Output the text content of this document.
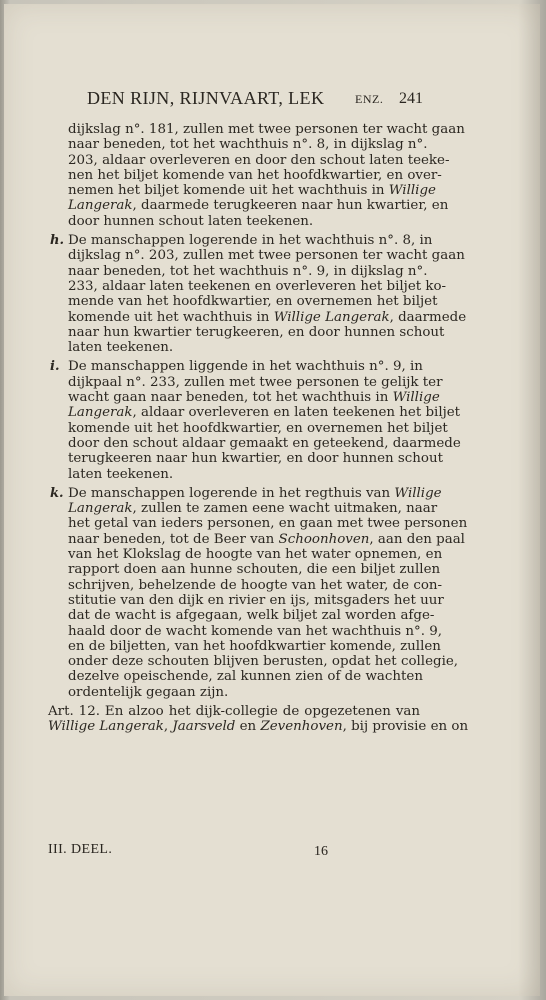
DEN RIJN, RIJNVAART, LEK	ENZ. 241
dijkslag n°. 181, zullen met twee personen ter wacht gaan
naar beneden, tot het wachthuis n°. 8, in dijkslag n°.
203, aldaar overleveren en door den schout laten teeke-
nen het biljet komende van het hoofdkwartier, en over-
nemen het biljet komende uit het wachthuis in Willige
Langerak, daarmede terugkeeren naar hun kwartier, en
door hunnen schout laten teekenen.
h. De manschappen logerende in het wachthuis n°. 8, in
dijkslag n°. 203, zullen met twee personen ter wacht gaan
naar beneden, tot het wachthuis n°. 9, in dijkslag n°.
233, aldaar laten teekenen en overleveren het biljet ko-
mende van het hoofdkwartier, en overnemen het biljet
komende uit het wachthuis in Willige Langerak, daarmede
naar hun kwartier terugkeeren, en door hunnen schout
laten teekenen.
i. De manschappen liggende in het wachthuis n°. 9, in
dijkpaal n°. 233, zullen met twee personen te gelijk ter
wacht gaan naar beneden, tot het wachthuis in Willige
Langerak, aldaar overleveren en laten teekenen het biljet
komende uit het hoofdkwartier, en overnemen het biljet
door den schout aldaar gemaakt en geteekend, daarmede
terugkeeren naar hun kwartier, en door hunnen schout
laten teekenen.
k. De manschappen logerende in het regthuis van Willige
Langerak, zullen te zamen eene wacht uitmaken, naar
het getal van ieders personen, en gaan met twee personen
naar beneden, tot de Beer van Schoonhoven, aan den paal
van het Klokslag de hoogte van het water opnemen, en
rapport doen aan hunne schouten, die een biljet zullen
schrijven, behelzende de hoogte van het water, de con-
stitutie van den dijk en rivier en ijs, mitsgaders het uur
dat de wacht is afgegaan, welk biljet zal worden afge-
haald door de wacht komende van het wachthuis n°. 9,
en de biljetten, van het hoofdkwartier komende, zullen
onder deze schouten blijven berusten, opdat het collegie,
dezelve opeischende, zal kunnen zien of de wachten
ordentelijk gegaan zijn.
Art. 12. En alzoo het dijk-collegie de opgezetenen van
Willige Langerak, Jaarsveld en Zevenhoven, bij provisie en on
III. DEEL.	16
